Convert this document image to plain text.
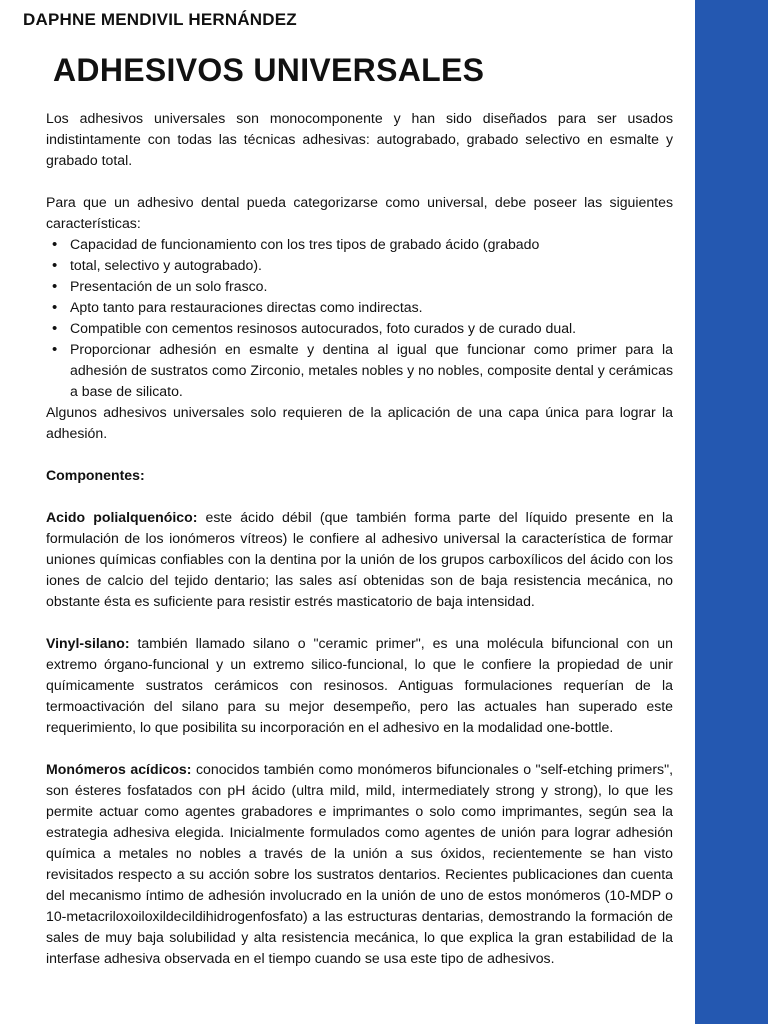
DAPHNE MENDIVIL HERNÁNDEZ
ADHESIVOS UNIVERSALES

Los adhesivos universales son monocomponente y han sido diseñados para ser usados indistintamente con todas las técnicas adhesivas: autograbado, grabado selectivo en esmalte y grabado total.

Para que un adhesivo dental pueda categorizarse como universal, debe poseer las siguientes características:

• Capacidad de funcionamiento con los tres tipos de grabado ácido (grabado
• total, selectivo y autograbado).
• Presentación de un solo frasco.
• Apto tanto para restauraciones directas como indirectas.
• Compatible con cementos resinosos autocurados, foto curados y de curado dual.
• Proporcionar adhesión en esmalte y dentina al igual que funcionar como primer para la adhesión de sustratos como Zirconio, metales nobles y no nobles, composite dental y cerámicas a base de silicato.

Algunos adhesivos universales solo requieren de la aplicación de una capa única para lograr la adhesión.

Componentes:

Acido polialquenóico: este ácido débil (que también forma parte del líquido presente en la formulación de los ionómeros vítreos) le confiere al adhesivo universal la característica de formar uniones químicas confiables con la dentina por la unión de los grupos carboxílicos del ácido con los iones de calcio del tejido dentario; las sales así obtenidas son de baja resistencia mecánica, no obstante ésta es suficiente para resistir estrés masticatorio de baja intensidad.

Vinyl-silano: también llamado silano o "ceramic primer", es una molécula bifuncional con un extremo órgano-funcional y un extremo silico-funcional, lo que le confiere la propiedad de unir químicamente sustratos cerámicos con resinosos. Antiguas formulaciones requerían de la termoactivación del silano para su mejor desempeño, pero las actuales han superado este requerimiento, lo que posibilita su incorporación en el adhesivo en la modalidad one-bottle.

Monómeros acídicos: conocidos también como monómeros bifuncionales o "self-etching primers", son ésteres fosfatados con pH ácido (ultra mild, mild, intermediately strong y strong), lo que les permite actuar como agentes grabadores e imprimantes o solo como imprimantes, según sea la estrategia adhesiva elegida. Inicialmente formulados como agentes de unión para lograr adhesión química a metales no nobles a través de la unión a sus óxidos, recientemente se han visto revisitados respecto a su acción sobre los sustratos dentarios. Recientes publicaciones dan cuenta del mecanismo íntimo de adhesión involucrado en la unión de uno de estos monómeros (10-MDP o 10-metacriloxoiloxildecildihidrogenfosfato) a las estructuras dentarias, demostrando la formación de sales de muy baja solubilidad y alta resistencia mecánica, lo que explica la gran estabilidad de la interfase adhesiva observada en el tiempo cuando se usa este tipo de adhesivos.
